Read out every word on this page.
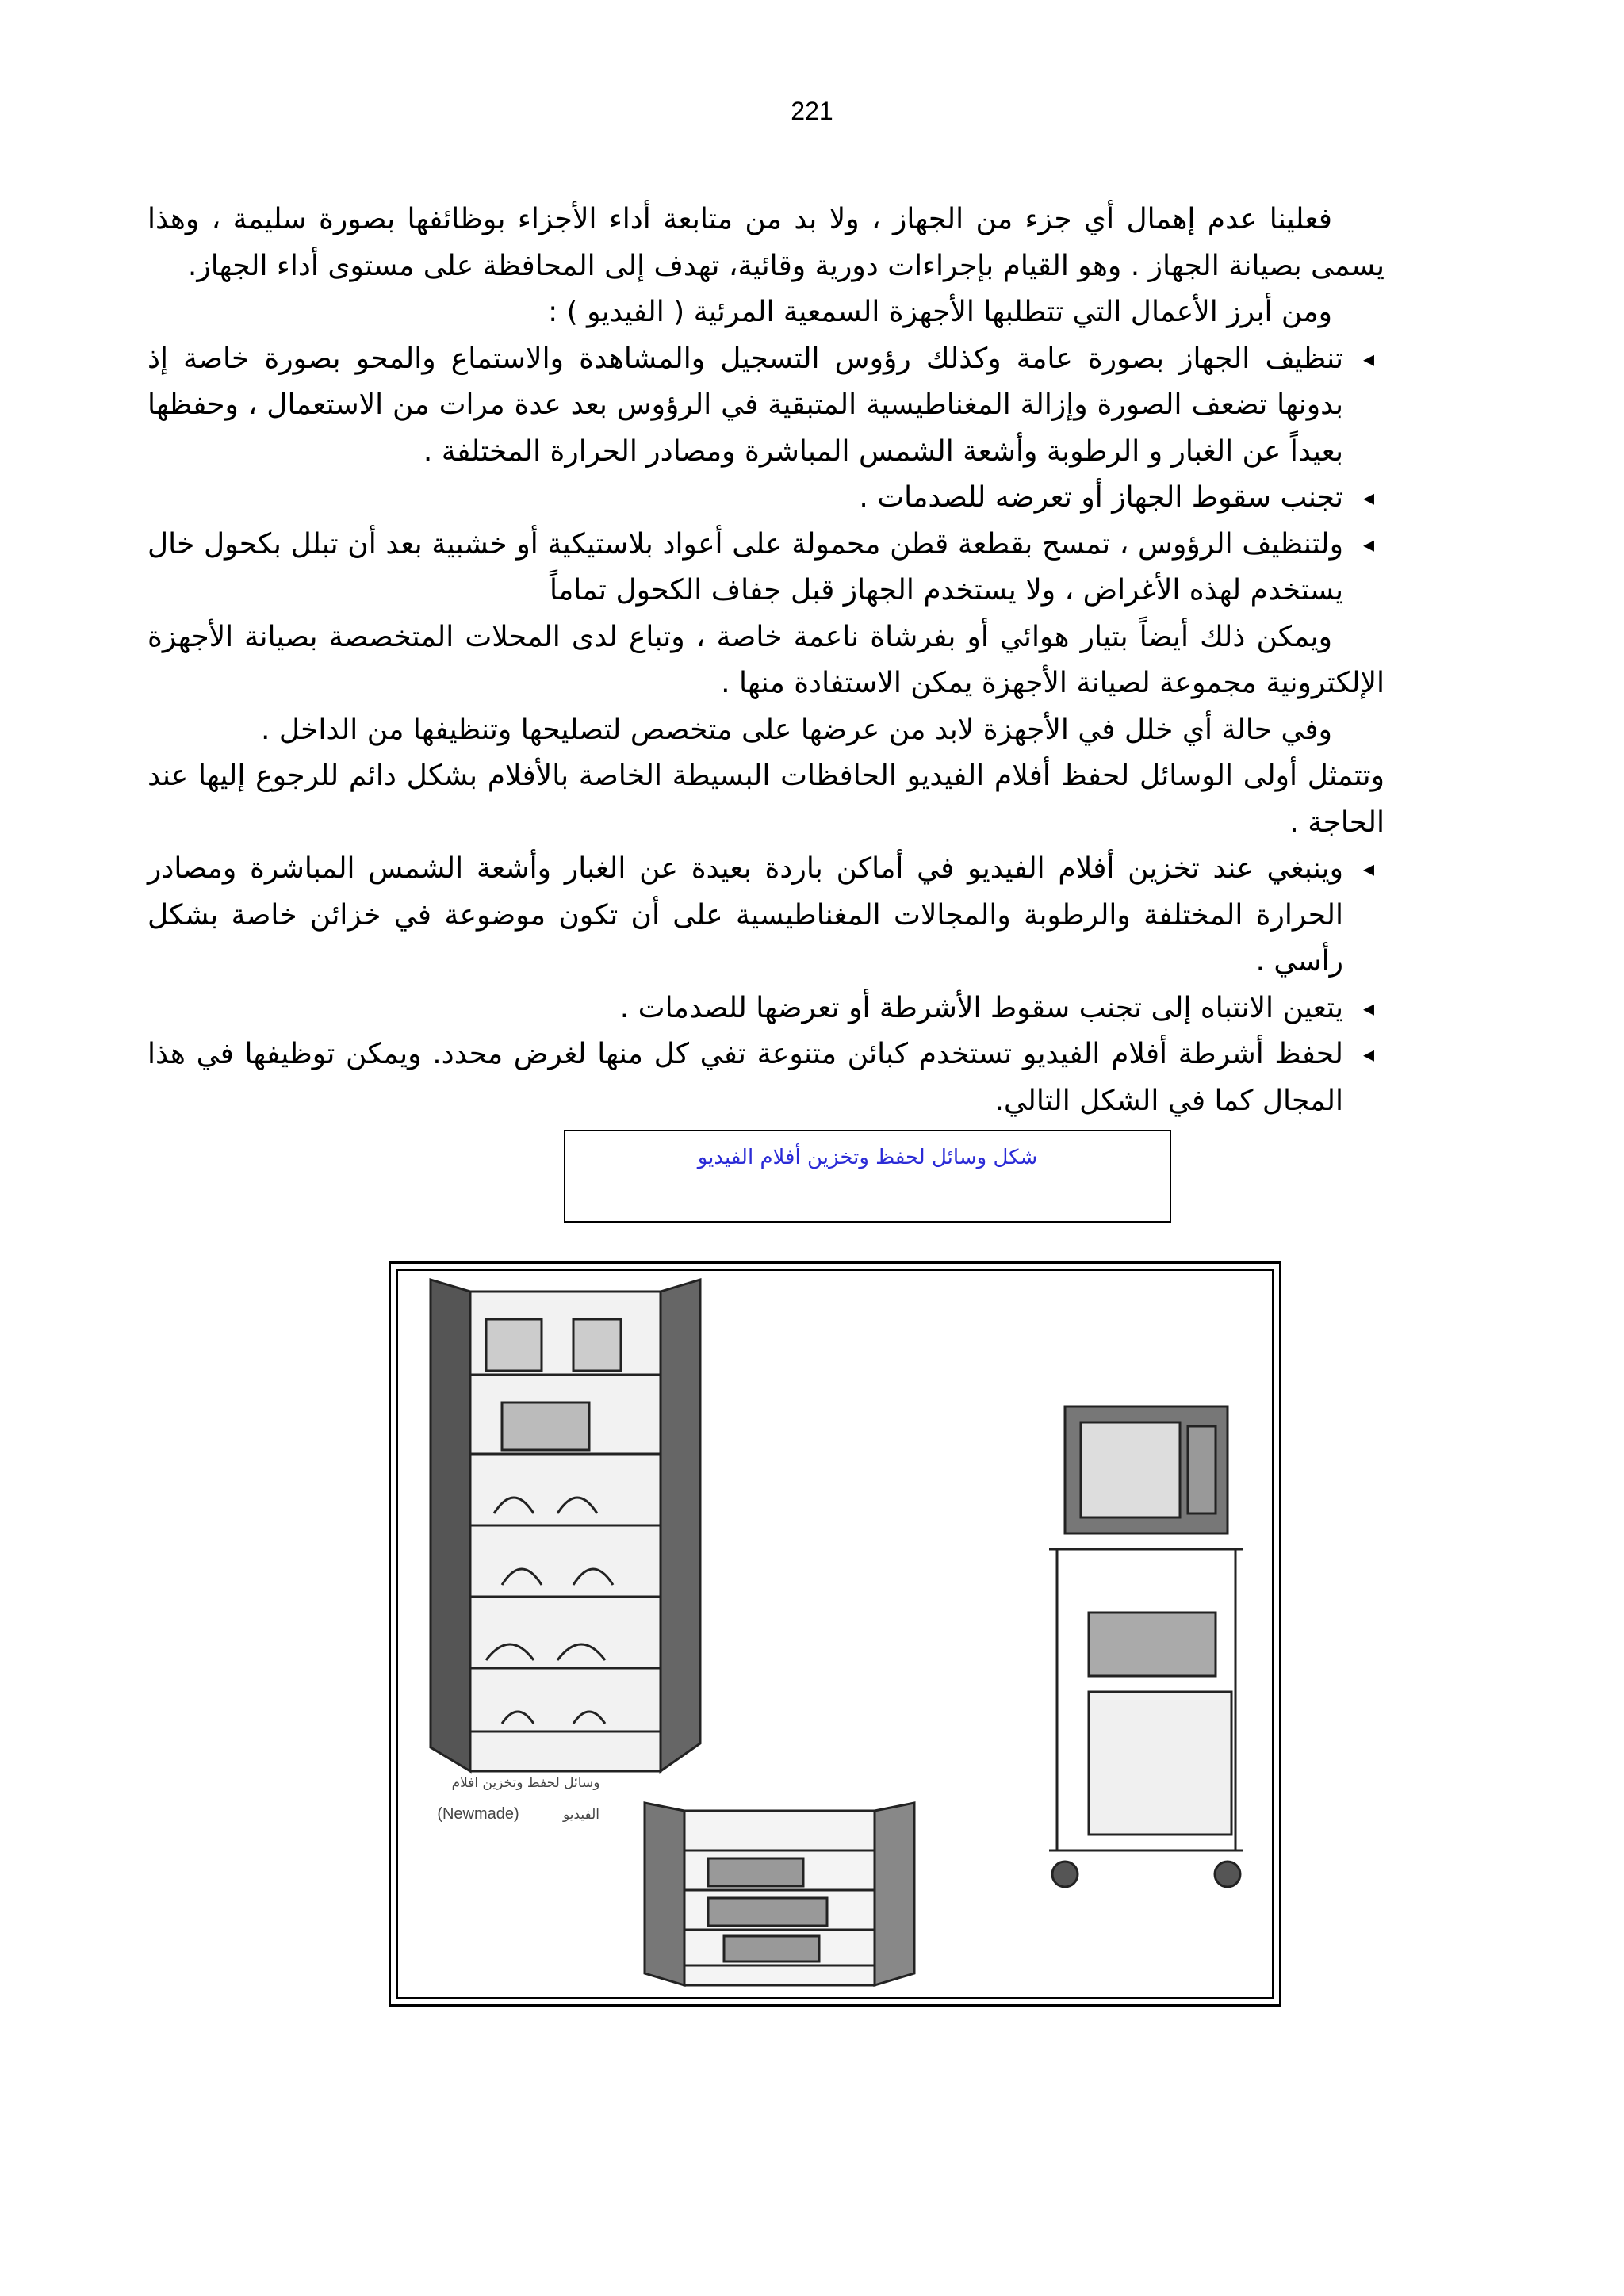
221

فعلينا عدم إهمال أي جزء من الجهاز ، ولا بد من متابعة أداء الأجزاء بوظائفها بصورة سليمة ، وهذا يسمى بصيانة الجهاز . وهو القيام بإجراءات دورية وقائية، تهدف إلى المحافظة على مستوى أداء الجهاز.

ومن أبرز الأعمال التي تتطلبها الأجهزة السمعية المرئية ( الفيديو ) :

◂
تنظيف الجهاز بصورة عامة وكذلك رؤوس التسجيل والمشاهدة والاستماع والمحو بصورة خاصة إذ بدونها تضعف الصورة وإزالة المغناطيسية المتبقية في الرؤوس بعد عدة مرات من الاستعمال ، وحفظها بعيداً عن الغبار و الرطوبة وأشعة الشمس المباشرة ومصادر الحرارة المختلفة .
◂
تجنب سقوط الجهاز أو تعرضه للصدمات .
◂
ولتنظيف الرؤوس ، تمسح بقطعة قطن محمولة على أعواد بلاستيكية أو خشبية بعد أن تبلل بكحول خال يستخدم لهذه الأغراض ، ولا يستخدم الجهاز قبل جفاف الكحول تماماً

ويمكن ذلك أيضاً بتيار هوائي أو بفرشاة ناعمة خاصة ، وتباع لدى المحلات المتخصصة بصيانة الأجهزة الإلكترونية مجموعة لصيانة الأجهزة يمكن الاستفادة منها .

وفي حالة أي خلل في الأجهزة لابد من عرضها على متخصص لتصليحها وتنظيفها من الداخل .

وتتمثل أولى الوسائل لحفظ أفلام الفيديو الحافظات البسيطة الخاصة بالأفلام بشكل دائم للرجوع إليها عند الحاجة .

◂
وينبغي عند تخزين أفلام الفيديو في أماكن باردة بعيدة عن الغبار وأشعة الشمس المباشرة ومصادر الحرارة المختلفة والرطوبة والمجالات المغناطيسية على أن تكون موضوعة في خزائن خاصة بشكل رأسي .
◂
يتعين الانتباه إلى تجنب سقوط الأشرطة أو تعرضها للصدمات .
◂
لحفظ أشرطة أفلام الفيديو تستخدم كبائن متنوعة تفي كل منها لغرض محدد. ويمكن توظيفها في هذا المجال كما في الشكل التالي.
شكل وسائل لحفظ وتخزين أفلام الفيديو
وسائل لحفظ وتخزين افلام
الفيديو
(Newmade)
